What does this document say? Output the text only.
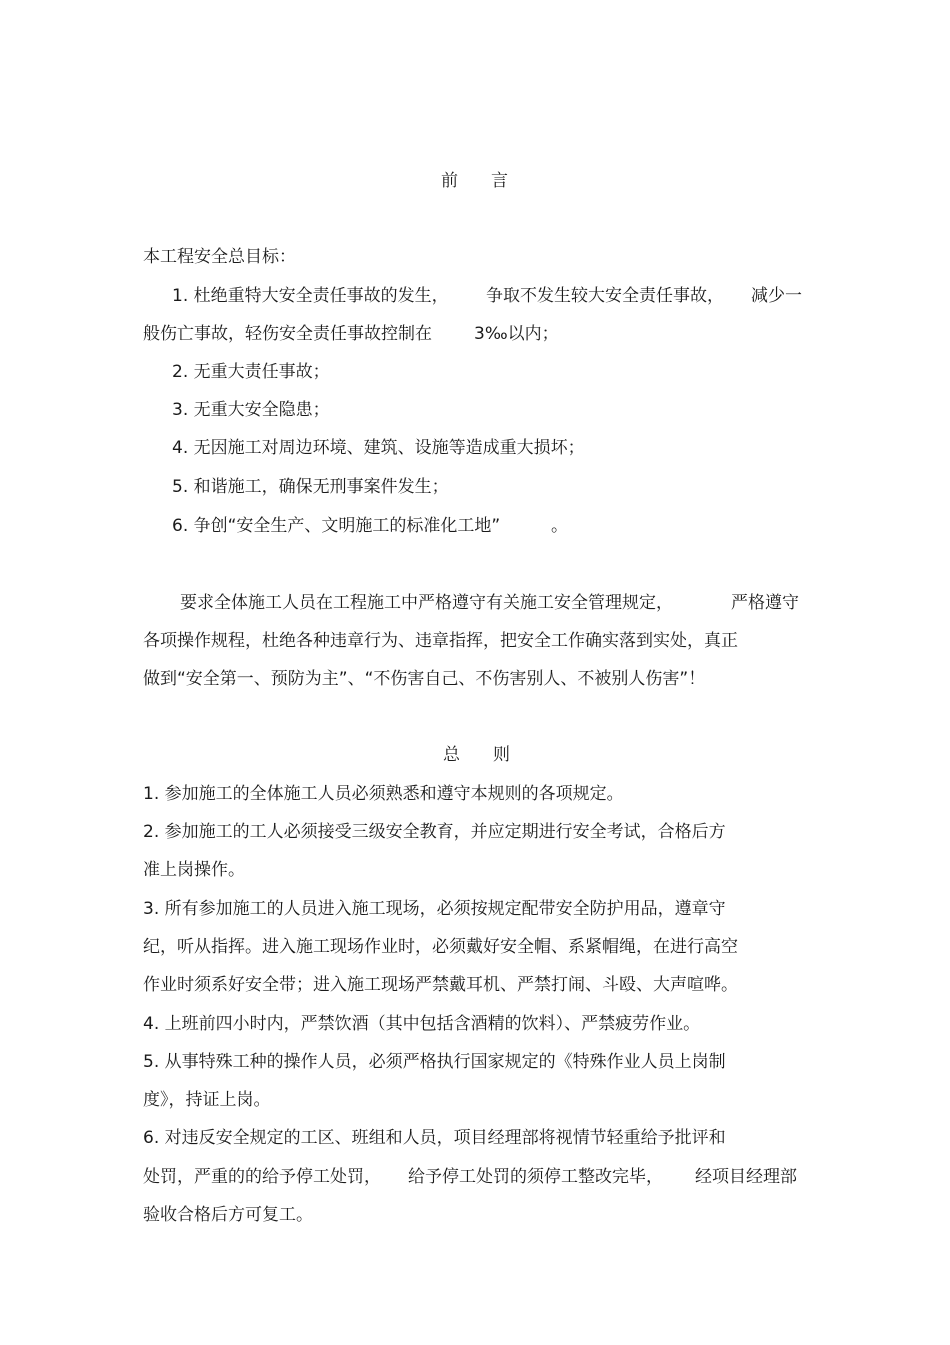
前 言
本工程安全总目标：
1. 杜绝重特大安全责任事故的发生， 争取不发生较大安全责任事故， 减少一
般伤亡事故，轻伤安全责任事故控制在 3‰以内；
2. 无重大责任事故；
3. 无重大安全隐患；
4. 无因施工对周边环境、建筑、设施等造成重大损坏；
5. 和谐施工，确保无刑事案件发生；
6. 争创“安全生产、文明施工的标准化工地”	。
要求全体施工人员在工程施工中严格遵守有关施工安全管理规定，	严格遵守
各项操作规程，杜绝各种违章行为、违章指挥，把安全工作确实落到实处，真正
做到“安全第一、预防为主”、“不伤害自己、不伤害别人、不被别人伤害”！
总 则
1. 参加施工的全体施工人员必须熟悉和遵守本规则的各项规定。
2. 参加施工的工人必须接受三级安全教育，并应定期进行安全考试，合格后方
准上岗操作。
3. 所有参加施工的人员进入施工现场，必须按规定配带安全防护用品，遵章守
纪，听从指挥。进入施工现场作业时，必须戴好安全帽、系紧帽绳，在进行高空
作业时须系好安全带；进入施工现场严禁戴耳机、严禁打闹、斗殴、大声喧哗。
4. 上班前四小时内，严禁饮酒（其中包括含酒精的饮料）、严禁疲劳作业。
5. 从事特殊工种的操作人员，必须严格执行国家规定的《特殊作业人员上岗制
度》，持证上岗。
6. 对违反安全规定的工区、班组和人员，项目经理部将视情节轻重给予批评和
处罚，严重的的给予停工处罚， 给予停工处罚的须停工整改完毕， 经项目经理部
验收合格后方可复工。
